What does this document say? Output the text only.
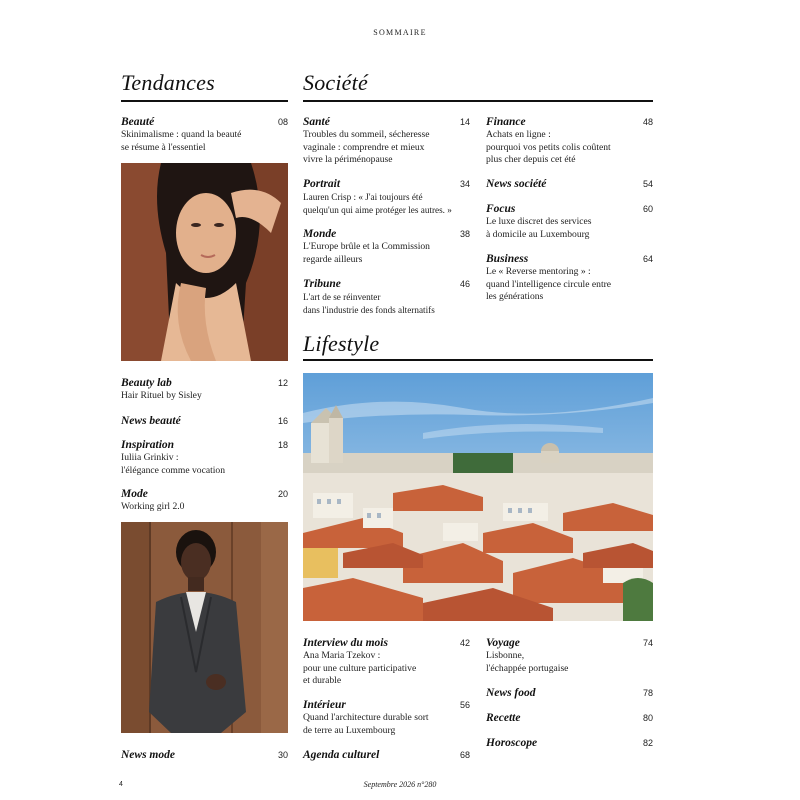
SOMMAIRE
Tendances
Beauté	08
Skinimalisme : quand la beauté
se résume à l'essentiel
Beauty lab	12
Hair Rituel by Sisley
News beauté	16
Inspiration	18
Iuliia Grinkiv :
l'élégance comme vocation
Mode	20
Working girl 2.0
News mode	30
Société
Santé	14
Troubles du sommeil, sécheresse
vaginale : comprendre et mieux
vivre la périménopause
Portrait	34
Lauren Crisp : « J'ai toujours été
quelqu'un qui aime protéger les autres. »
Monde	38
L'Europe brûle et la Commission
regarde ailleurs
Tribune	46
L'art de se réinventer
dans l'industrie des fonds alternatifs
Finance	48
Achats en ligne :
pourquoi vos petits colis coûtent
plus cher depuis cet été
News société	54
Focus	60
Le luxe discret des services
à domicile au Luxembourg
Business	64
Le « Reverse mentoring » :
quand l'intelligence circule entre
les générations
Lifestyle
Interview du mois	42
Ana Maria Tzekov :
pour une culture participative
et durable
Intérieur	56
Quand l'architecture durable sort
de terre au Luxembourg
Agenda culturel	68
Voyage	74
Lisbonne,
l'échappée portugaise
News food	78
Recette	80
Horoscope	82
4	Septembre 2026 n°280
